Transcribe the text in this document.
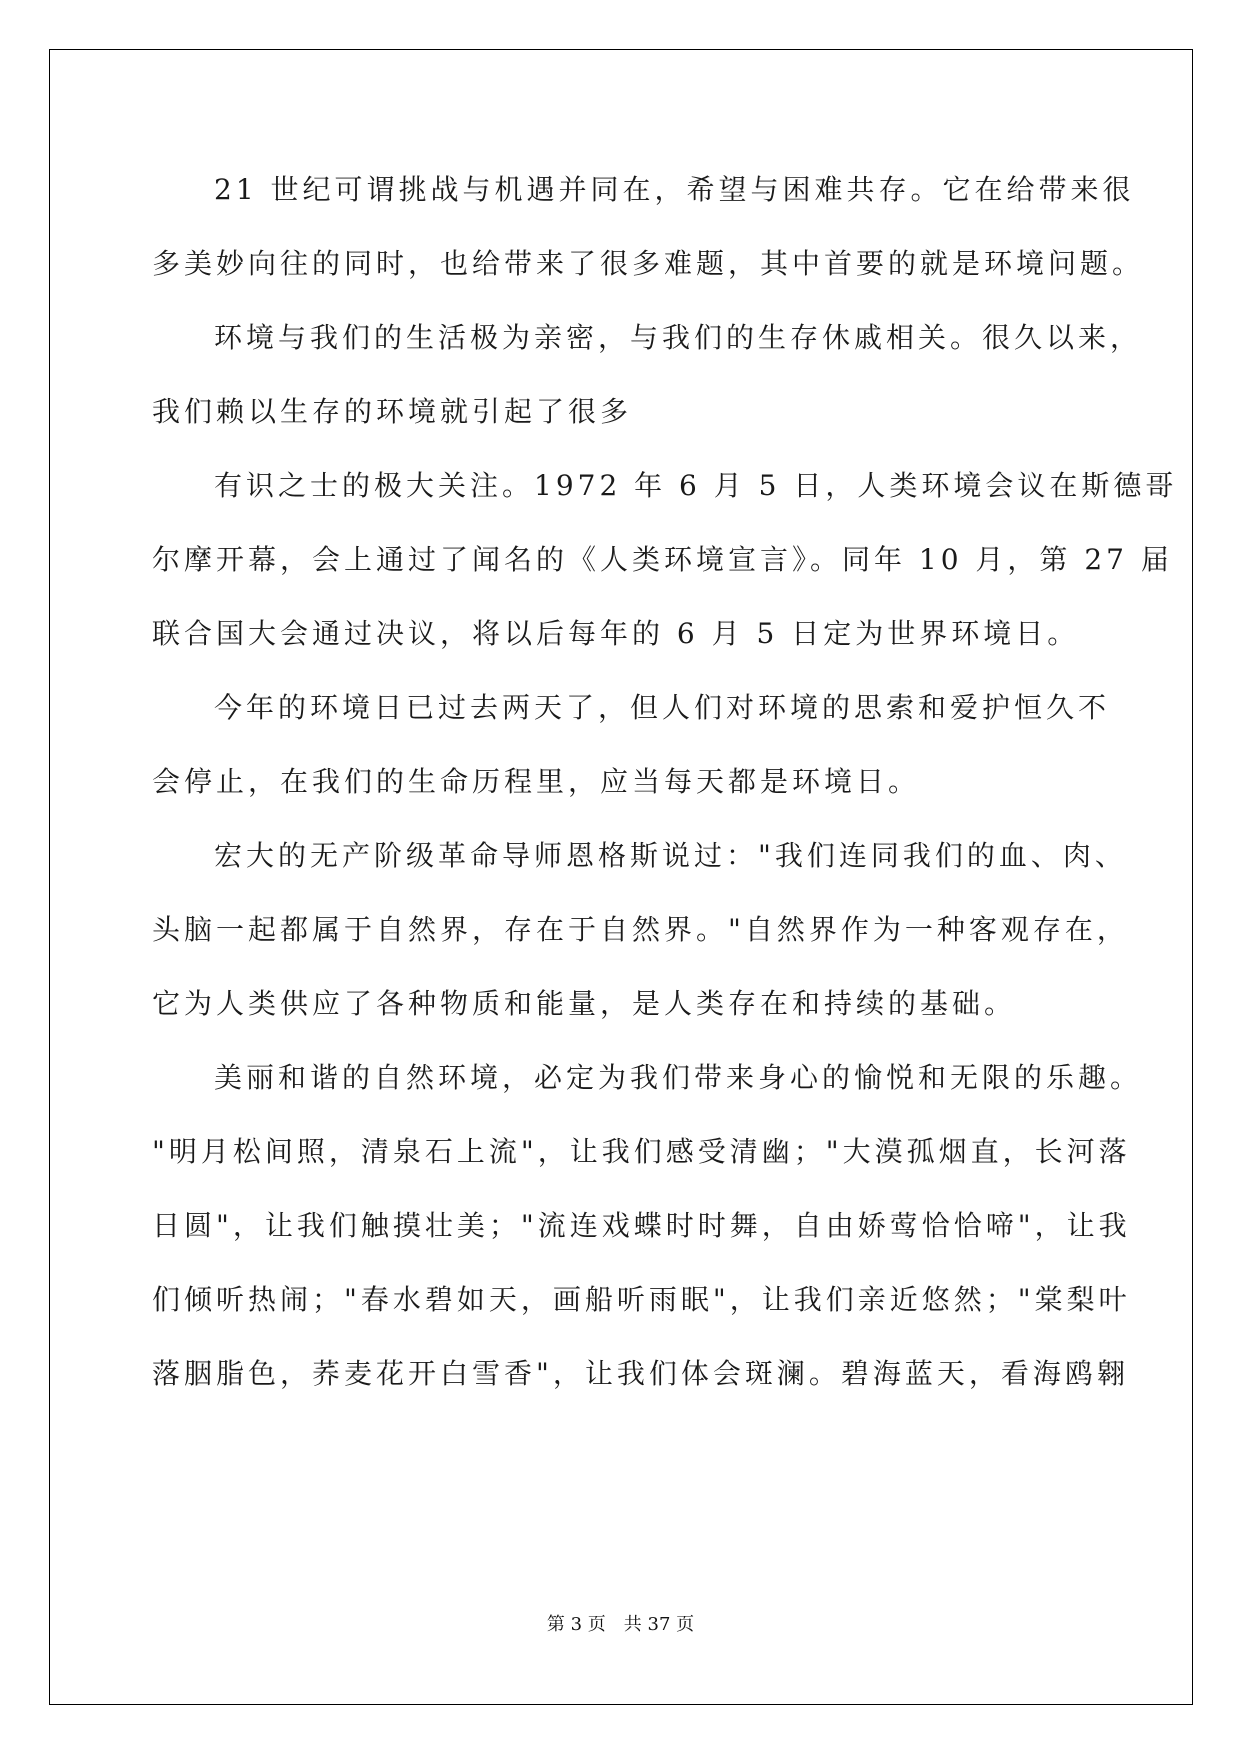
21 世纪可谓挑战与机遇并同在，希望与困难共存。它在给带来很
多美妙向往的同时，也给带来了很多难题，其中首要的就是环境问题。
环境与我们的生活极为亲密，与我们的生存休戚相关。很久以来，
我们赖以生存的环境就引起了很多
有识之士的极大关注。1972 年 6 月 5 日，人类环境会议在斯德哥
尔摩开幕，会上通过了闻名的《人类环境宣言》。同年 10 月，第 27 届
联合国大会通过决议，将以后每年的 6 月 5 日定为世界环境日。
今年的环境日已过去两天了，但人们对环境的思索和爱护恒久不
会停止，在我们的生命历程里，应当每天都是环境日。
宏大的无产阶级革命导师恩格斯说过："我们连同我们的血、肉、
头脑一起都属于自然界，存在于自然界。"自然界作为一种客观存在，
它为人类供应了各种物质和能量，是人类存在和持续的基础。
美丽和谐的自然环境，必定为我们带来身心的愉悦和无限的乐趣。
"明月松间照，清泉石上流"，让我们感受清幽；"大漠孤烟直，长河落
日圆"，让我们触摸壮美；"流连戏蝶时时舞，自由娇莺恰恰啼"，让我
们倾听热闹；"春水碧如天，画船听雨眠"，让我们亲近悠然；"棠梨叶
落胭脂色，荞麦花开白雪香"，让我们体会斑澜。碧海蓝天，看海鸥翱
第 3 页　共 37 页
